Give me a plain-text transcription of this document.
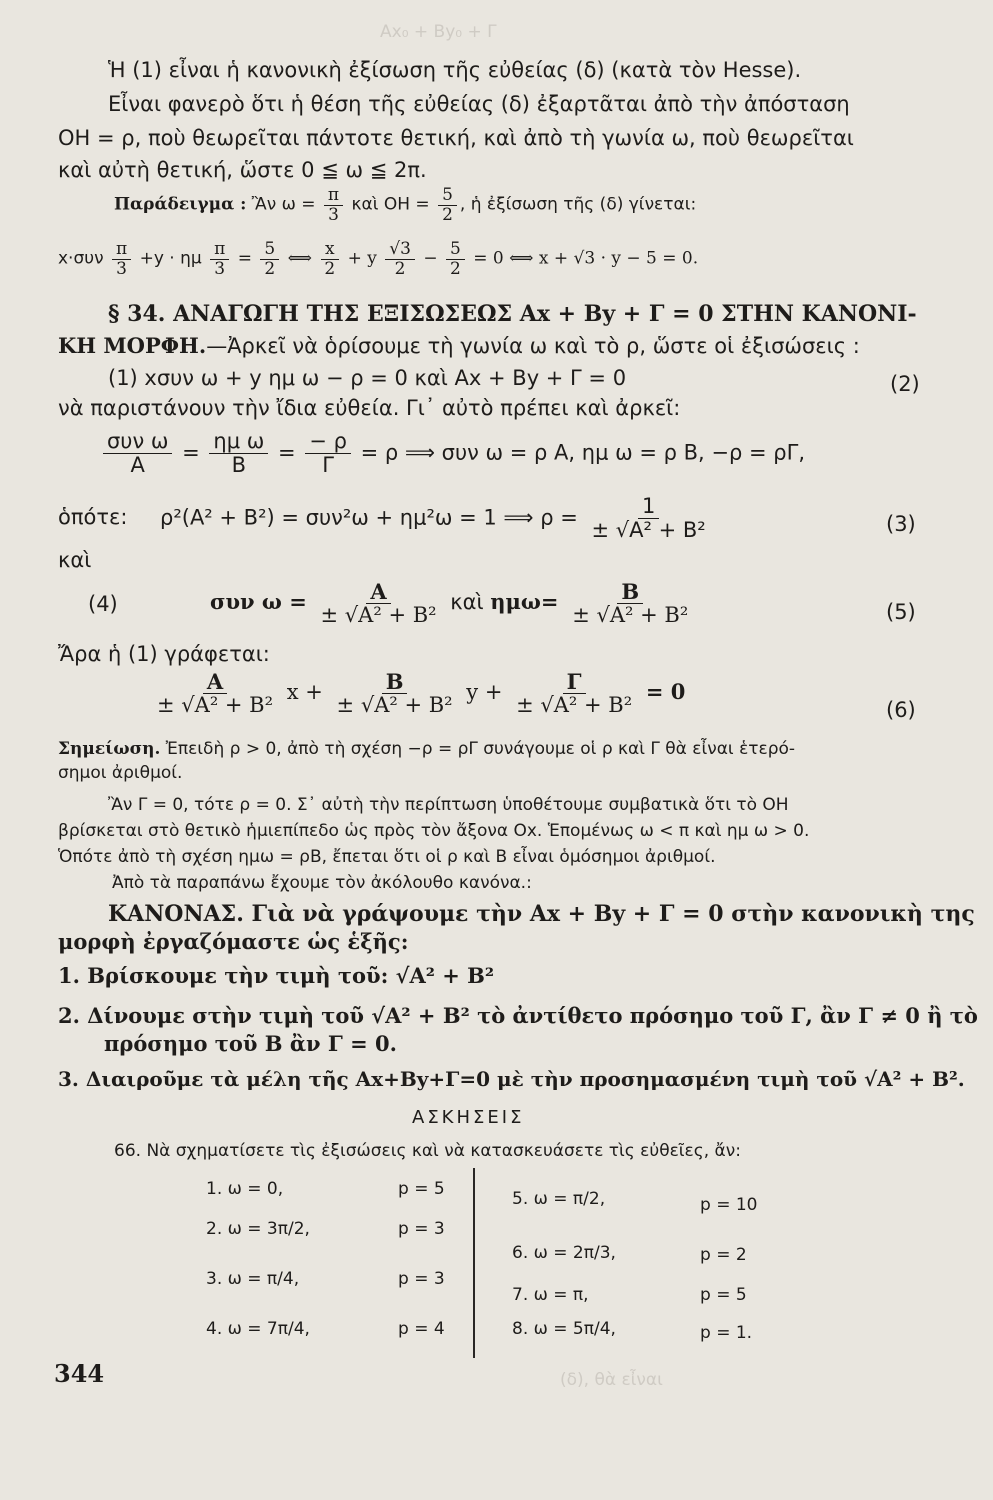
Ax₀ + By₀ + Γ
(δ), θὰ εἶναι
Ἡ (1) εἶναι ἡ κανονικὴ ἐξίσωση τῆς εὐθείας (δ) (κατὰ τὸν Hesse).
Εἶναι φανερὸ ὅτι ἡ θέση τῆς εὐθείας (δ) ἐξαρτᾶται ἀπὸ τὴν ἀπόσταση
OH = ρ, ποὺ θεωρεῖται πάντοτε θετική, καὶ ἀπὸ τὴ γωνία ω, ποὺ θεωρεῖται
καὶ αὐτὴ θετική, ὥστε 0 ≦ ω ≦ 2π.
Παράδειγμα : Ἂν $\omega = \frac{\pi}{3}$ καὶ OH = $\frac{5}{2}$ , ἡ ἐξίσωση τῆς (δ) γίνεται:
$x\cdot\sigma\upsilon\nu \frac{\pi}{3} +y \cdot \eta\mu \frac{\pi}{3} = \frac{5}{2}$ ⟺ $\frac{x}{2} + y \frac{√3}{2} - \frac{5}{2} = 0$ ⟺ x + √3 · y − 5 = 0.
§ 34. ΑΝΑΓΩΓΗ ΤΗΣ ΕΞΙΣΩΣΕΩΣ Ax + By + Γ = 0 ΣΤΗΝ ΚΑΝΟΝΙ-
ΚΗ ΜΟΡΦΗ.—Ἀρκεῖ νὰ ὁρίσουμε τὴ γωνία ω καὶ τὸ ρ, ὥστε οἱ ἐξισώσεις :
(1) xσυν ω + y ημ ω − ρ = 0 καὶ Ax + By + Γ = 0	(2)
νὰ παριστάνουν τὴν ἴδια εὐθεία. Γι᾽ αὐτὸ πρέπει καὶ ἀρκεῖ:
$\frac{\text{συν ω}}{A} = \frac{\text{ημ ω}}{B} = \frac{- \rho}{\Gamma} = \rho$ ⟹ συν ω = ρ A, ημ ω = ρ B, −ρ = ρΓ,
ὁπότε: ρ²(A² + B²) = συν²ω + ημ²ω = 1 ⟹ $\rho = \frac{1}{\text{± √A² + B²}}$	(3)
καὶ
(4)	συν $\omega = \frac{A}{\text{± √A² + B²}}$ καὶ $\eta\mu\omega= \frac{B}{\text{± √A² + B²}}$	(5)
Ἄρα ἡ (1) γράφεται:
$\frac{A}{\text{± √A² + B²}}$ $x + \frac{B}{\text{± √A² + B²}}$ $y + \frac{\Gamma}{\text{± √A² + B²}} = 0$
(6)
Σημείωση. Ἐπειδὴ ρ > 0, ἀπὸ τὴ σχέση −ρ = ρΓ συνάγουμε οἱ ρ καὶ Γ θὰ εἶναι ἑτερό-
σημοι ἀριθμοί.
Ἂν Γ = 0, τότε ρ = 0. Σ᾽ αὐτὴ τὴν περίπτωση ὑποθέτουμε συμβατικὰ ὅτι τὸ OH
βρίσκεται στὸ θετικὸ ἡμιεπίπεδο ὡς πρὸς τὸν ἄξονα Ox. Ἑπομένως ω < π καὶ ημ ω > 0.
Ὁπότε ἀπὸ τὴ σχέση ημω = ρB, ἔπεται ὅτι οἱ ρ καὶ B εἶναι ὁμόσημοι ἀριθμοί.
Ἀπὸ τὰ παραπάνω ἔχουμε τὸν ἀκόλουθο κανόνα.:
ΚΑΝΟΝΑΣ. Γιὰ νὰ γράψουμε τὴν Ax + By + Γ = 0 στὴν κανονικὴ της
μορφὴ ἐργαζόμαστε ὡς ἑξῆς:
1. Βρίσκουμε τὴν τιμὴ τοῦ: √A² + B²
2. Δίνουμε στὴν τιμὴ τοῦ √A² + B² τὸ ἀντίθετο πρόσημο τοῦ Γ, ἂν Γ ≠ 0 ἢ τὸ
πρόσημο τοῦ B ἂν Γ = 0.
3. Διαιροῦμε τὰ μέλη τῆς Ax+By+Γ=0 μὲ τὴν προσημασμένη τιμὴ τοῦ √A² + B².
ΑΣΚΗΣΕΙΣ
66. Νὰ σχηματίσετε τὶς ἐξισώσεις καὶ νὰ κατασκευάσετε τὶς εὐθεῖες, ἄν:
1. ω = 0,	p = 5
2. ω = 3π/2,	p = 3
3. ω = π/4,	p = 3
4. ω = 7π/4,	p = 4
5. ω = π/2,	p = 10
6. ω = 2π/3,	p = 2
7. ω = π,	p = 5
8. ω = 5π/4,	p = 1.
344
